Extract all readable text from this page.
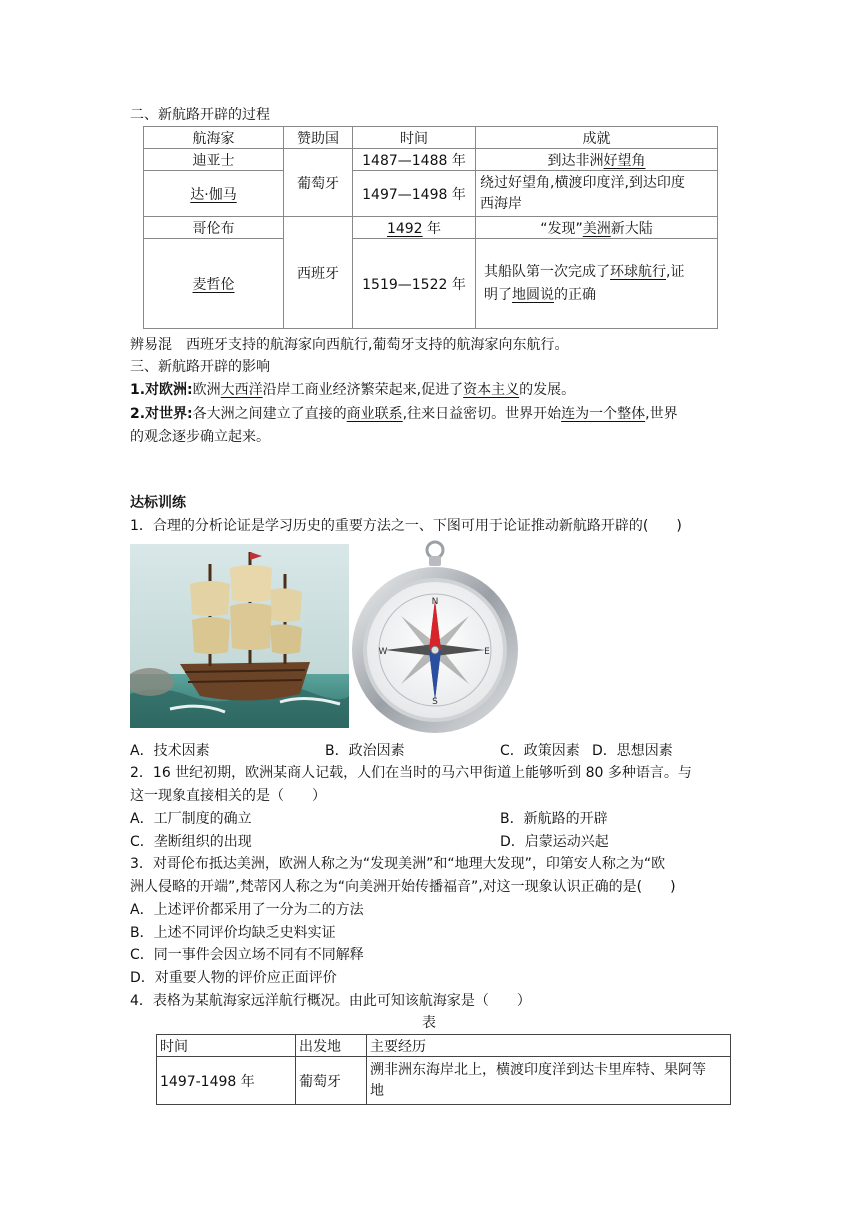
二、新航路开辟的过程
航海家	赞助国	时间	成就
迪亚士	葡萄牙	1487—1488 年	到达非洲好望角
达·伽马		1497—1498 年	绕过好望角,横渡印度洋,到达印度
西海岸

哥伦布	西班牙	1492 年	“发现”美洲新大陆
麦哲伦		1519—1522 年	其船队第一次完成了环球航行,证
明了地圆说的正确
辨易混　西班牙支持的航海家向西航行,葡萄牙支持的航海家向东航行。
三、新航路开辟的影响
1.对欧洲:欧洲大西洋沿岸工商业经济繁荣起来,促进了资本主义的发展。
2.对世界:各大洲之间建立了直接的商业联系,往来日益密切。世界开始连为一个整体,世界
的观念逐步确立起来。
达标训练
1．合理的分析论证是学习历史的重要方法之一、下图可用于论证推动新航路开辟的(　　)
N
E
S
W
A．技术因素	B．政治因素	C．政策因素 D．思想因素
2．16 世纪初期，欧洲某商人记载，人们在当时的马六甲街道上能够听到 80 多种语言。与
这一现象直接相关的是（　　）
A．工厂制度的确立	B．新航路的开辟
C．垄断组织的出现	D．启蒙运动兴起
3．对哥伦布抵达美洲，欧洲人称之为“发现美洲”和“地理大发现”，印第安人称之为“欧
洲人侵略的开端”,梵蒂冈人称之为“向美洲开始传播福音”,对这一现象认识正确的是(　　)
A．上述评价都采用了一分为二的方法
B．上述不同评价均缺乏史料实证
C．同一事件会因立场不同有不同解释
D．对重要人物的评价应正面评价
4．表格为某航海家远洋航行概况。由此可知该航海家是（　　）
表
时间	出发地	主要经历
1497-1498 年	葡萄牙	溯非洲东海岸北上，横渡印度洋到达卡里库特、果阿等
地
